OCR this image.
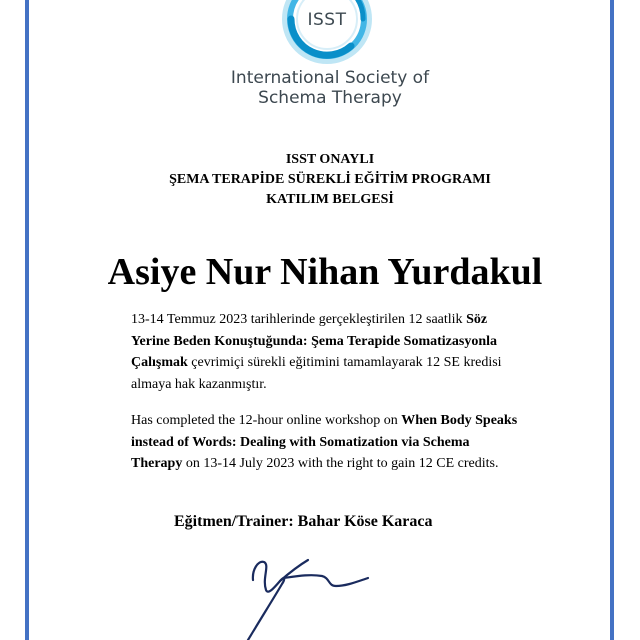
ISST
International Society of
Schema Therapy
ISST ONAYLI
ŞEMA TERAPİDE SÜREKLİ EĞİTİM PROGRAMI
KATILIM BELGESİ
Asiye Nur Nihan Yurdakul
13-14 Temmuz 2023 tarihlerinde gerçekleştirilen 12 saatlik Söz Yerine Beden Konuştuğunda: Şema Terapide Somatizasyonla Çalışmak çevrimiçi sürekli eğitimini tamamlayarak 12 SE kredisi almaya hak kazanmıştır.
Has completed the 12-hour online workshop on When Body Speaks instead of Words: Dealing with Somatization via Schema Therapy on 13-14 July 2023 with the right to gain 12 CE credits.
Eğitmen/Trainer: Bahar Köse Karaca
